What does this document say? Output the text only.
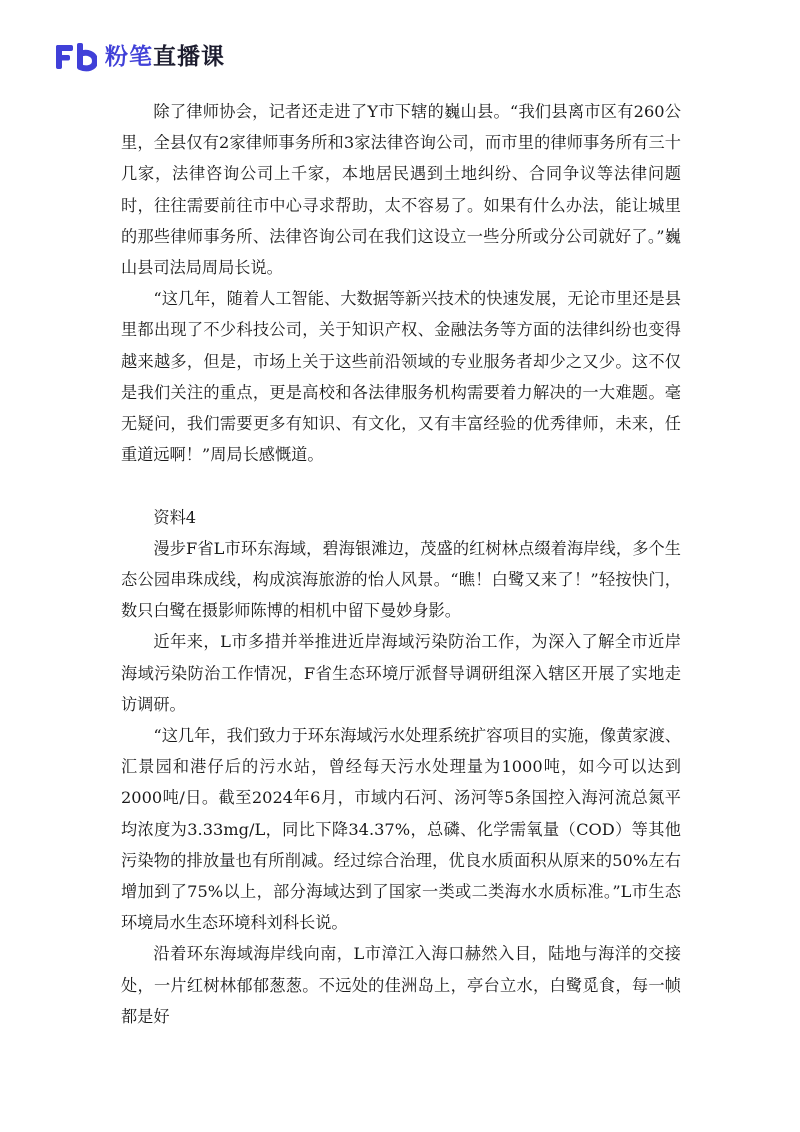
粉笔直播课

除了律师协会，记者还走进了Y市下辖的巍山县。“我们县离市区有260公里，全县仅有2家律师事务所和3家法律咨询公司，而市里的律师事务所有三十几家，法律咨询公司上千家，本地居民遇到土地纠纷、合同争议等法律问题时，往往需要前往市中心寻求帮助，太不容易了。如果有什么办法，能让城里的那些律师事务所、法律咨询公司在我们这设立一些分所或分公司就好了。”巍山县司法局周局长说。

“这几年，随着人工智能、大数据等新兴技术的快速发展，无论市里还是县里都出现了不少科技公司，关于知识产权、金融法务等方面的法律纠纷也变得越来越多，但是，市场上关于这些前沿领域的专业服务者却少之又少。这不仅是我们关注的重点，更是高校和各法律服务机构需要着力解决的一大难题。毫无疑问，我们需要更多有知识、有文化，又有丰富经验的优秀律师，未来，任重道远啊！”周局长感慨道。

资料4

漫步F省L市环东海域，碧海银滩边，茂盛的红树林点缀着海岸线，多个生态公园串珠成线，构成滨海旅游的怡人风景。“瞧！白鹭又来了！”轻按快门，数只白鹭在摄影师陈博的相机中留下曼妙身影。

近年来，L市多措并举推进近岸海域污染防治工作，为深入了解全市近岸海域污染防治工作情况，F省生态环境厅派督导调研组深入辖区开展了实地走访调研。

“这几年，我们致力于环东海域污水处理系统扩容项目的实施，像黄家渡、汇景园和港仔后的污水站，曾经每天污水处理量为1000吨，如今可以达到2000吨/日。截至2024年6月，市域内石河、汤河等5条国控入海河流总氮平均浓度为3.33mg/L，同比下降34.37%，总磷、化学需氧量（COD）等其他污染物的排放量也有所削减。经过综合治理，优良水质面积从原来的50%左右增加到了75%以上，部分海域达到了国家一类或二类海水水质标准。”L市生态环境局水生态环境科刘科长说。

沿着环东海域海岸线向南，L市漳江入海口赫然入目，陆地与海洋的交接处，一片红树林郁郁葱葱。不远处的佳洲岛上，亭台立水，白鹭觅食，每一帧都是好
